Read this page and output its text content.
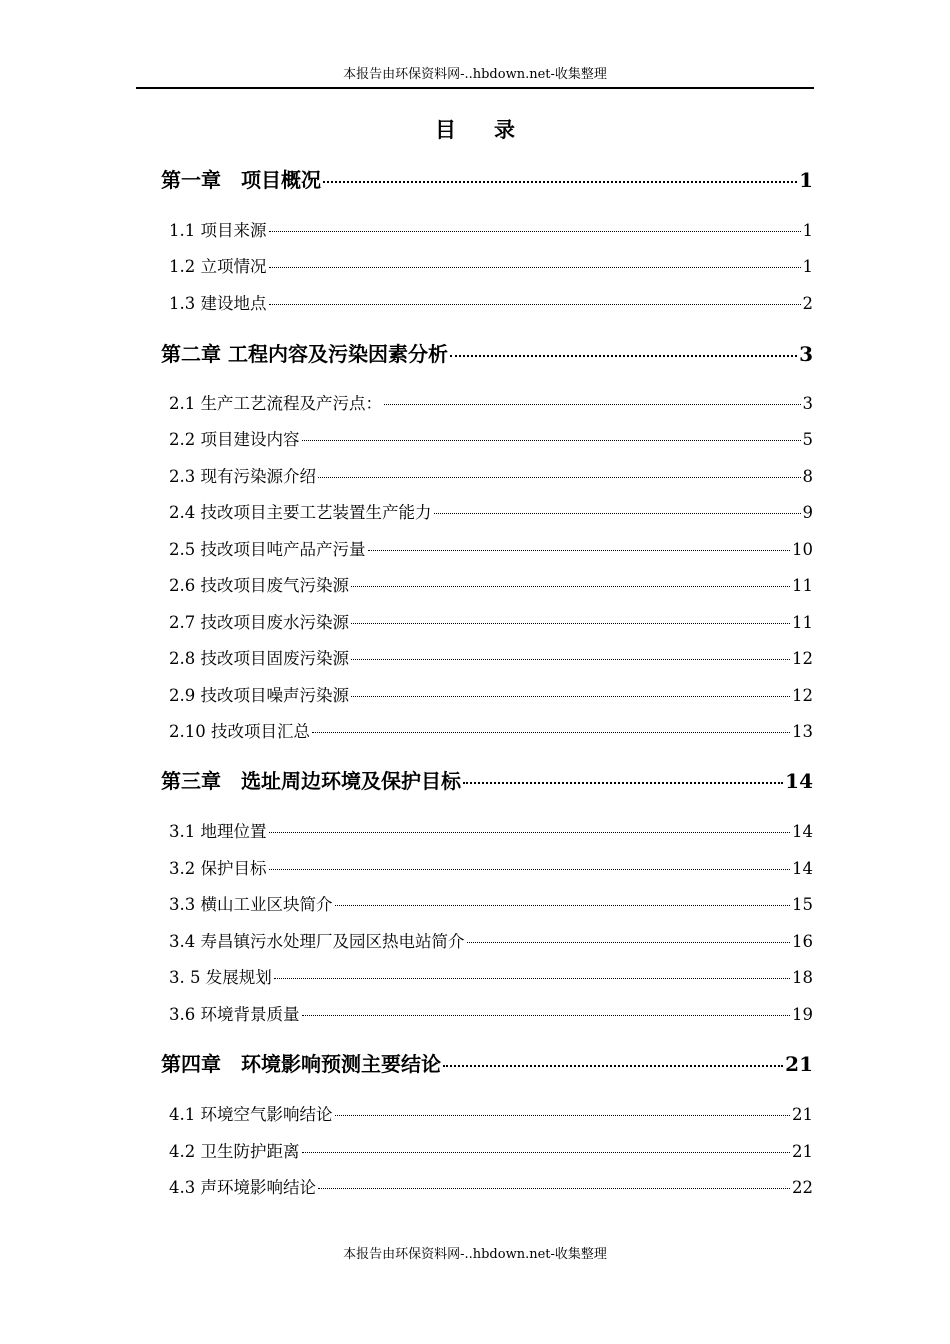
本报告由环保资料网-..hbdown.net-收集整理
目录
第一章　项目概况	1
1.1 项目来源	1
1.2 立项情况	1
1.3 建设地点	2
第二章 工程内容及污染因素分析	3
2.1 生产工艺流程及产污点：	3
2.2 项目建设内容	5
2.3 现有污染源介绍	8
2.4 技改项目主要工艺装置生产能力	9
2.5 技改项目吨产品产污量	10
2.6 技改项目废气污染源	11
2.7 技改项目废水污染源	11
2.8 技改项目固废污染源	12
2.9 技改项目噪声污染源	12
2.10 技改项目汇总	13
第三章　选址周边环境及保护目标	14
3.1 地理位置	14
3.2 保护目标	14
3.3 横山工业区块简介	15
3.4 寿昌镇污水处理厂及园区热电站简介	16
3. 5 发展规划	18
3.6 环境背景质量	19
第四章　环境影响预测主要结论	21
4.1 环境空气影响结论	21
4.2 卫生防护距离	21
4.3 声环境影响结论	22
本报告由环保资料网-..hbdown.net-收集整理
